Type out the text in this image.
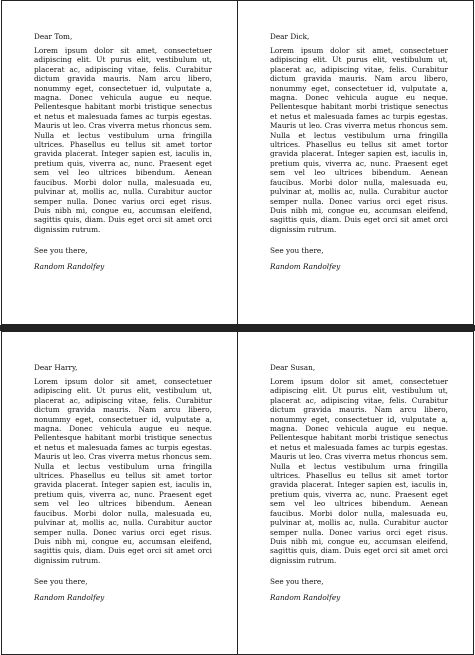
Dear Tom,

Lorem ipsum dolor sit amet, consectetuer adipiscing elit. Ut purus elit, vestibulum ut, placerat ac, adipiscing vitae, felis. Curabitur dictum gravida mauris. Nam arcu libero, nonummy eget, consectetuer id, vulputate a, magna. Donec vehicula augue eu neque. Pellentesque habitant morbi tristique senectus et netus et malesuada fames ac turpis egestas. Mauris ut leo. Cras viverra metus rhoncus sem. Nulla et lectus vestibulum urna fringilla ultrices. Phasellus eu tellus sit amet tortor gravida placerat. Integer sapien est, iaculis in, pretium quis, viverra ac, nunc. Praesent eget sem vel leo ultrices bibendum. Aenean faucibus. Morbi dolor nulla, malesuada eu, pulvinar at, mollis ac, nulla. Curabitur auctor semper nulla. Donec varius orci eget risus. Duis nibh mi, congue eu, accumsan eleifend, sagittis quis, diam. Duis eget orci sit amet orci dignissim rutrum.

See you there,

Random Randolfey

Dear Dick,

Lorem ipsum dolor sit amet, consectetuer adipiscing elit. Ut purus elit, vestibulum ut, placerat ac, adipiscing vitae, felis. Curabitur dictum gravida mauris. Nam arcu libero, nonummy eget, consectetuer id, vulputate a, magna. Donec vehicula augue eu neque. Pellentesque habitant morbi tristique senectus et netus et malesuada fames ac turpis egestas. Mauris ut leo. Cras viverra metus rhoncus sem. Nulla et lectus vestibulum urna fringilla ultrices. Phasellus eu tellus sit amet tortor gravida placerat. Integer sapien est, iaculis in, pretium quis, viverra ac, nunc. Praesent eget sem vel leo ultrices bibendum. Aenean faucibus. Morbi dolor nulla, malesuada eu, pulvinar at, mollis ac, nulla. Curabitur auctor semper nulla. Donec varius orci eget risus. Duis nibh mi, congue eu, accumsan eleifend, sagittis quis, diam. Duis eget orci sit amet orci dignissim rutrum.

See you there,

Random Randolfey

Dear Harry,

Lorem ipsum dolor sit amet, consectetuer adipiscing elit. Ut purus elit, vestibulum ut, placerat ac, adipiscing vitae, felis. Curabitur dictum gravida mauris. Nam arcu libero, nonummy eget, consectetuer id, vulputate a, magna. Donec vehicula augue eu neque. Pellentesque habitant morbi tristique senectus et netus et malesuada fames ac turpis egestas. Mauris ut leo. Cras viverra metus rhoncus sem. Nulla et lectus vestibulum urna fringilla ultrices. Phasellus eu tellus sit amet tortor gravida placerat. Integer sapien est, iaculis in, pretium quis, viverra ac, nunc. Praesent eget sem vel leo ultrices bibendum. Aenean faucibus. Morbi dolor nulla, malesuada eu, pulvinar at, mollis ac, nulla. Curabitur auctor semper nulla. Donec varius orci eget risus. Duis nibh mi, congue eu, accumsan eleifend, sagittis quis, diam. Duis eget orci sit amet orci dignissim rutrum.

See you there,

Random Randolfey

Dear Susan,

Lorem ipsum dolor sit amet, consectetuer adipiscing elit. Ut purus elit, vestibulum ut, placerat ac, adipiscing vitae, felis. Curabitur dictum gravida mauris. Nam arcu libero, nonummy eget, consectetuer id, vulputate a, magna. Donec vehicula augue eu neque. Pellentesque habitant morbi tristique senectus et netus et malesuada fames ac turpis egestas. Mauris ut leo. Cras viverra metus rhoncus sem. Nulla et lectus vestibulum urna fringilla ultrices. Phasellus eu tellus sit amet tortor gravida placerat. Integer sapien est, iaculis in, pretium quis, viverra ac, nunc. Praesent eget sem vel leo ultrices bibendum. Aenean faucibus. Morbi dolor nulla, malesuada eu, pulvinar at, mollis ac, nulla. Curabitur auctor semper nulla. Donec varius orci eget risus. Duis nibh mi, congue eu, accumsan eleifend, sagittis quis, diam. Duis eget orci sit amet orci dignissim rutrum.

See you there,

Random Randolfey
